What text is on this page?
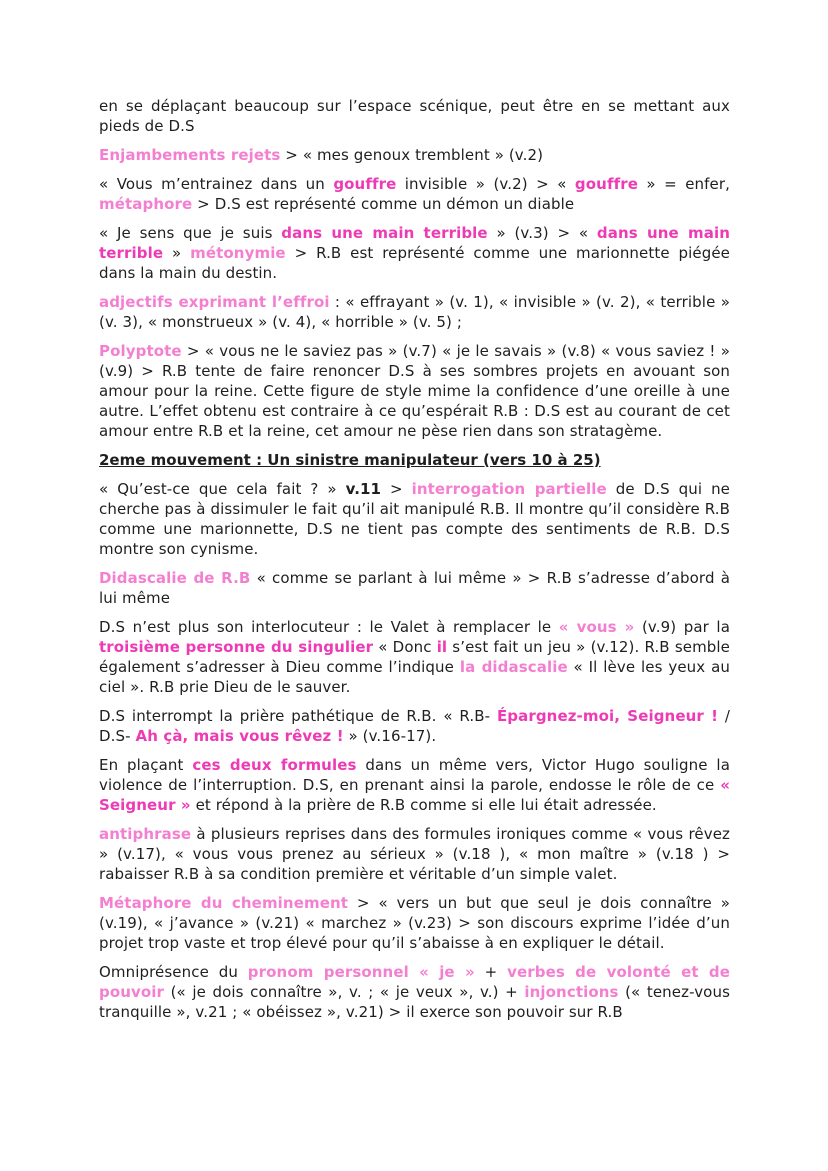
en se déplaçant beaucoup sur l’espace scénique, peut être en se mettant aux pieds de D.S

Enjambements rejets > « mes genoux tremblent » (v.2)

« Vous m’entrainez dans un gouffre invisible » (v.2) > « gouffre » = enfer, métaphore > D.S est représenté comme un démon un diable

« Je sens que je suis dans une main terrible » (v.3) > « dans une main terrible » métonymie > R.B est représenté comme une marionnette piégée dans la main du destin.

adjectifs exprimant l’effroi : « effrayant » (v. 1), « invisible » (v. 2), « terrible » (v. 3), « monstrueux » (v. 4), « horrible » (v. 5) ;

Polyptote > « vous ne le saviez pas » (v.7) « je le savais » (v.8) « vous saviez ! » (v.9) > R.B tente de faire renoncer D.S à ses sombres projets en avouant son amour pour la reine. Cette figure de style mime la confidence d’une oreille à une autre. L’effet obtenu est contraire à ce qu’espérait R.B : D.S est au courant de cet amour entre R.B et la reine, cet amour ne pèse rien dans son stratagème.

2eme mouvement : Un sinistre manipulateur (vers 10 à 25)

« Qu’est-ce que cela fait ? » v.11 > interrogation partielle de D.S qui ne cherche pas à dissimuler le fait qu’il ait manipulé R.B. Il montre qu’il considère R.B comme une marionnette, D.S ne tient pas compte des sentiments de R.B. D.S montre son cynisme.

Didascalie de R.B « comme se parlant à lui même » > R.B s’adresse d’abord à lui même

D.S n’est plus son interlocuteur : le Valet à remplacer le « vous » (v.9) par la troisième personne du singulier « Donc il s’est fait un jeu » (v.12). R.B semble également s’adresser à Dieu comme l’indique la didascalie « Il lève les yeux au ciel ». R.B prie Dieu de le sauver.

D.S interrompt la prière pathétique de R.B. « R.B- Épargnez-moi, Seigneur ! / D.S- Ah çà, mais vous rêvez ! » (v.16-17).

En plaçant ces deux formules dans un même vers, Victor Hugo souligne la violence de l’interruption. D.S, en prenant ainsi la parole, endosse le rôle de ce « Seigneur » et répond à la prière de R.B comme si elle lui était adressée.

antiphrase à plusieurs reprises dans des formules ironiques comme « vous rêvez » (v.17), « vous vous prenez au sérieux » (v.18 ), « mon maître » (v.18 ) > rabaisser R.B à sa condition première et véritable d’un simple valet.

Métaphore du cheminement > « vers un but que seul je dois connaître » (v.19), « j’avance » (v.21) « marchez » (v.23) > son discours exprime l’idée d’un projet trop vaste et trop élevé pour qu’il s’abaisse à en expliquer le détail.

Omniprésence du pronom personnel « je » + verbes de volonté et de pouvoir (« je dois connaître », v. ; « je veux », v.) + injonctions (« tenez-vous tranquille », v.21 ; « obéissez », v.21) > il exerce son pouvoir sur R.B
